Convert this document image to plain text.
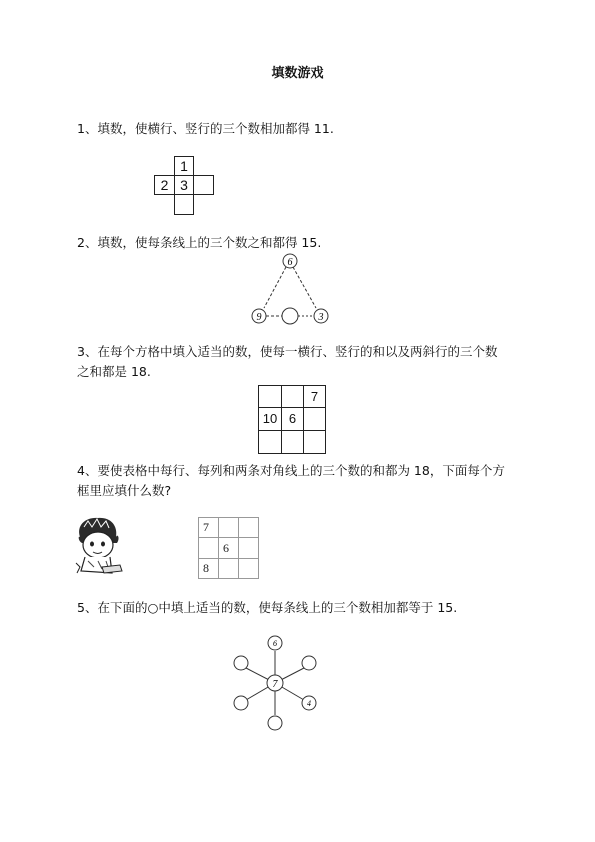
填数游戏
1、填数，使横行、竖行的三个数相加都得 11.
1
2 3
2、填数，使每条线上的三个数之和都得 15.
6
9	3
3、在每个方格中填入适当的数，使每一横行、竖行的和以及两斜行的三个数
之和都是 18.
7
10 6
4、要使表格中每行、每列和两条对角线上的三个数的和都为 18，下面每个方
框里应填什么数?
7
6
8
5、在下面的○中填上适当的数，使每条线上的三个数相加都等于 15.
6
7
4
